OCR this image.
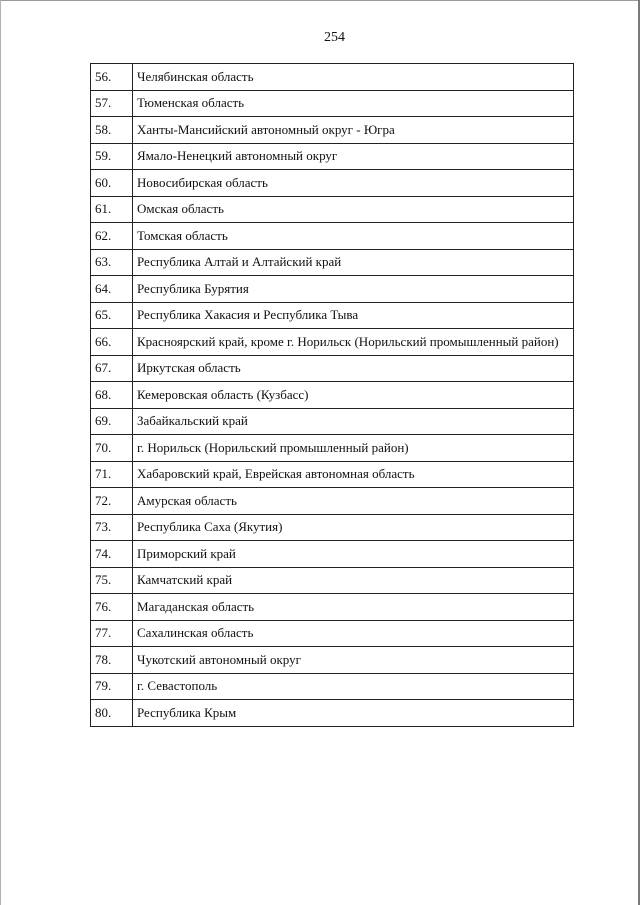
254
56.	Челябинская область
57.	Тюменская область
58.	Ханты-Мансийский автономный округ - Югра
59.	Ямало-Ненецкий автономный округ
60.	Новосибирская область
61.	Омская область
62.	Томская область
63.	Республика Алтай и Алтайский край
64.	Республика Бурятия
65.	Республика Хакасия и Республика Тыва
66.	Красноярский край, кроме г. Норильск (Норильский промышленный район)
67.	Иркутская область
68.	Кемеровская область (Кузбасс)
69.	Забайкальский край
70.	г. Норильск (Норильский промышленный район)
71.	Хабаровский край, Еврейская автономная область
72.	Амурская область
73.	Республика Саха (Якутия)
74.	Приморский край
75.	Камчатский край
76.	Магаданская область
77.	Сахалинская область
78.	Чукотский автономный округ
79.	г. Севастополь
80.	Республика Крым
